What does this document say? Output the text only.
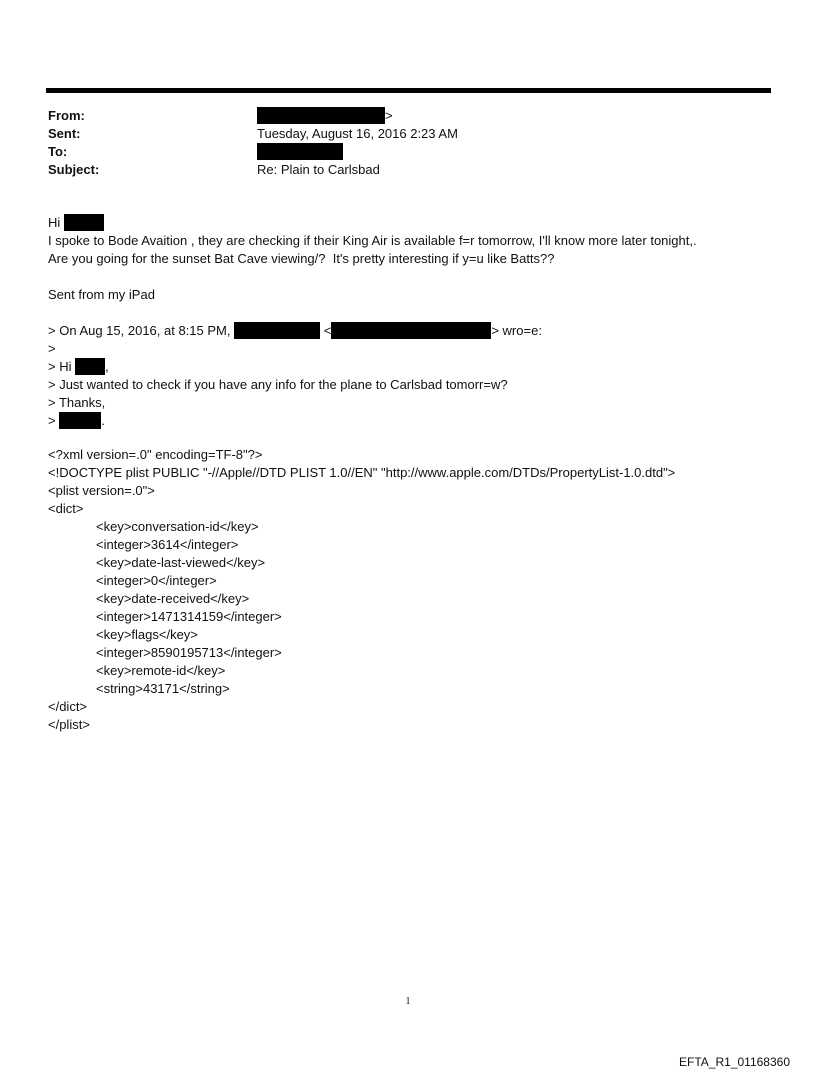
From:	>
Sent:	Tuesday, August 16, 2016 2:23 AM
To:
Subject:	Re: Plain to Carlsbad
Hi
I spoke to Bode Avaition , they are checking if their King Air is available f=r tomorrow, I'll know more later tonight,.
Are you going for the sunset Bat Cave viewing/?  It's pretty interesting if y=u like Batts??
Sent from my iPad
> On Aug 15, 2016, at 8:15 PM,	<	> wro=e:
>
> Hi	,
> Just wanted to check if you have any info for the plane to Carlsbad tomorr=w?
> Thanks,
>	.
<?xml version=.0" encoding=TF-8"?>
<!DOCTYPE plist PUBLIC "-//Apple//DTD PLIST 1.0//EN" "http://www.apple.com/DTDs/PropertyList-1.0.dtd">
<plist version=.0">
<dict>
<key>conversation-id</key>
<integer>3614</integer>
<key>date-last-viewed</key>
<integer>0</integer>
<key>date-received</key>
<integer>1471314159</integer>
<key>flags</key>
<integer>8590195713</integer>
<key>remote-id</key>
<string>43171</string>
</dict>
</plist>
1
EFTA_R1_01168360
